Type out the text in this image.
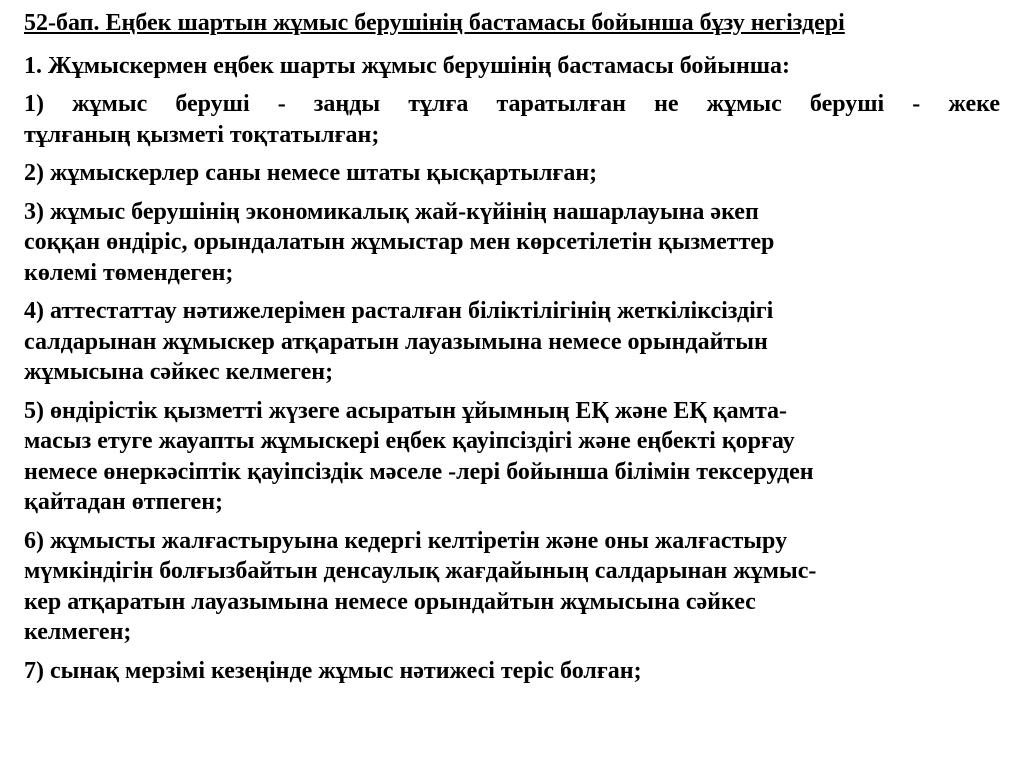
52-бап. Еңбек шартын жұмыс берушінің бастамасы бойынша бұзу негіздері
1. Жұмыскермен еңбек шарты жұмыс берушінің бастамасы бойынша:
1) жұмыс беруші - заңды тұлға таратылған не жұмыс беруші - жеке
тұлғаның қызметі тоқтатылған;
2) жұмыскерлер саны немесе штаты қысқартылған;
3) жұмыс берушінің экономикалық жай-күйінің нашарлауына әкеп
соққан өндіріс, орындалатын жұмыстар мен көрсетілетін қызметтер
көлемі төмендеген;
4) аттестаттау нәтижелерімен расталған біліктілігінің жеткіліксіздігі
салдарынан жұмыскер атқаратын лауазымына немесе орындайтын
жұмысына сәйкес келмеген;
5) өндірістік қызметті жүзеге асыратын ұйымның ЕҚ және ЕҚ қамта-
масыз етуге жауапты жұмыскері еңбек қауіпсіздігі және еңбекті қорғау
немесе өнеркәсіптік қауіпсіздік мәселе -лері бойынша білімін тексеруден
қайтадан өтпеген;
6) жұмысты жалғастыруына кедергі келтіретін және оны жалғастыру
мүмкіндігін болғызбайтын денсаулық жағдайының салдарынан жұмыс-
кер атқаратын лауазымына немесе орындайтын жұмысына сәйкес
келмеген;
7) сынақ мерзімі кезеңінде жұмыс нәтижесі теріс болған;
